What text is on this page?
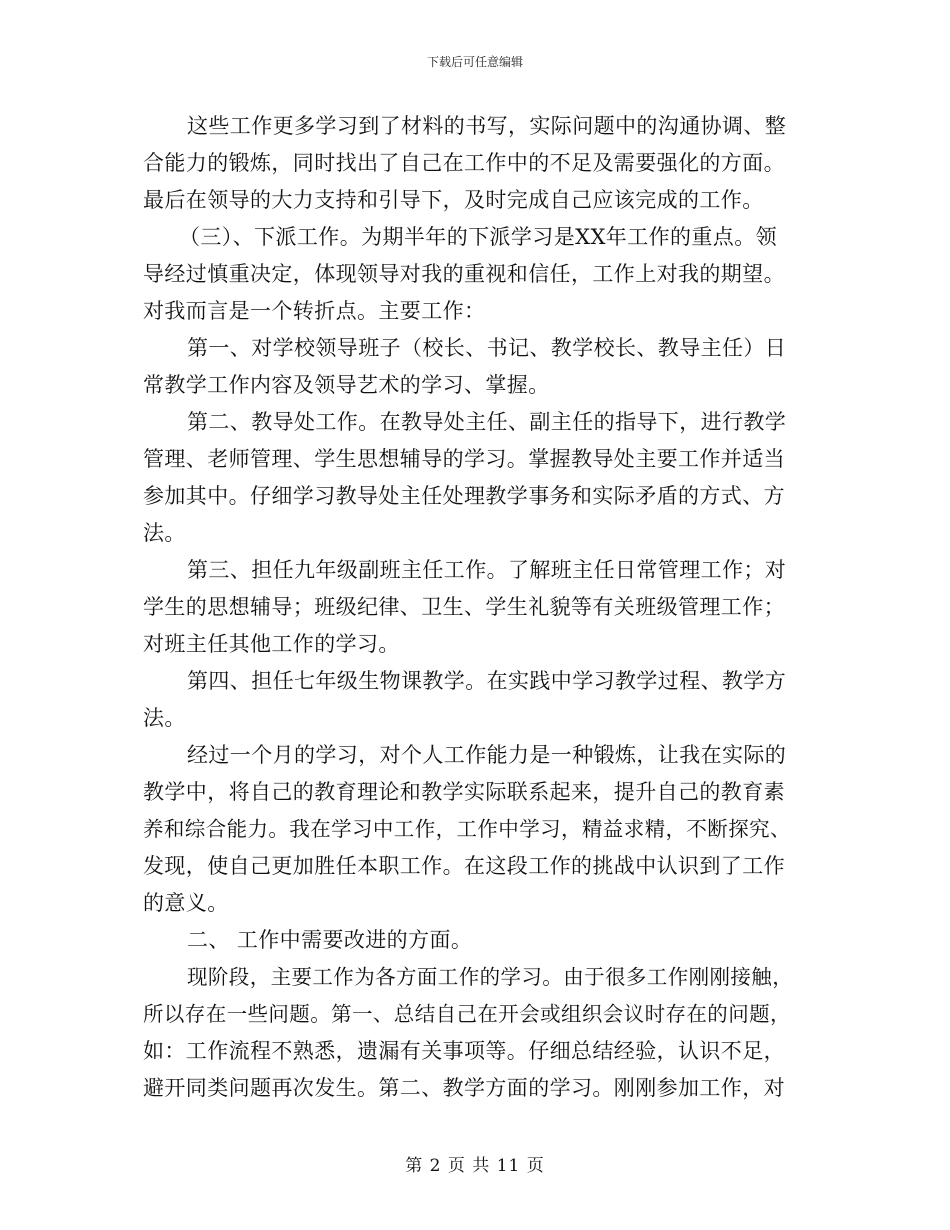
下载后可任意编辑
这些工作更多学习到了材料的书写，实际问题中的沟通协调、整
合能力的锻炼，同时找出了自己在工作中的不足及需要强化的方面。
最后在领导的大力支持和引导下，及时完成自己应该完成的工作。
（三）、下派工作。为期半年的下派学习是XX年工作的重点。领
导经过慎重决定，体现领导对我的重视和信任，工作上对我的期望。
对我而言是一个转折点。主要工作：
第一、对学校领导班子（校长、书记、教学校长、教导主任）日
常教学工作内容及领导艺术的学习、掌握。
第二、教导处工作。在教导处主任、副主任的指导下，进行教学
管理、老师管理、学生思想辅导的学习。掌握教导处主要工作并适当
参加其中。仔细学习教导处主任处理教学事务和实际矛盾的方式、方
法。
第三、担任九年级副班主任工作。了解班主任日常管理工作；对
学生的思想辅导；班级纪律、卫生、学生礼貌等有关班级管理工作；
对班主任其他工作的学习。
第四、担任七年级生物课教学。在实践中学习教学过程、教学方
法。
经过一个月的学习，对个人工作能力是一种锻炼，让我在实际的
教学中，将自己的教育理论和教学实际联系起来，提升自己的教育素
养和综合能力。我在学习中工作，工作中学习，精益求精，不断探究、
发现，使自己更加胜任本职工作。在这段工作的挑战中认识到了工作
的意义。
二、 工作中需要改进的方面。
现阶段，主要工作为各方面工作的学习。由于很多工作刚刚接触，
所以存在一些问题。第一、总结自己在开会或组织会议时存在的问题，
如：工作流程不熟悉，遗漏有关事项等。仔细总结经验，认识不足，
避开同类问题再次发生。第二、教学方面的学习。刚刚参加工作，对
第 2 页 共 11 页
